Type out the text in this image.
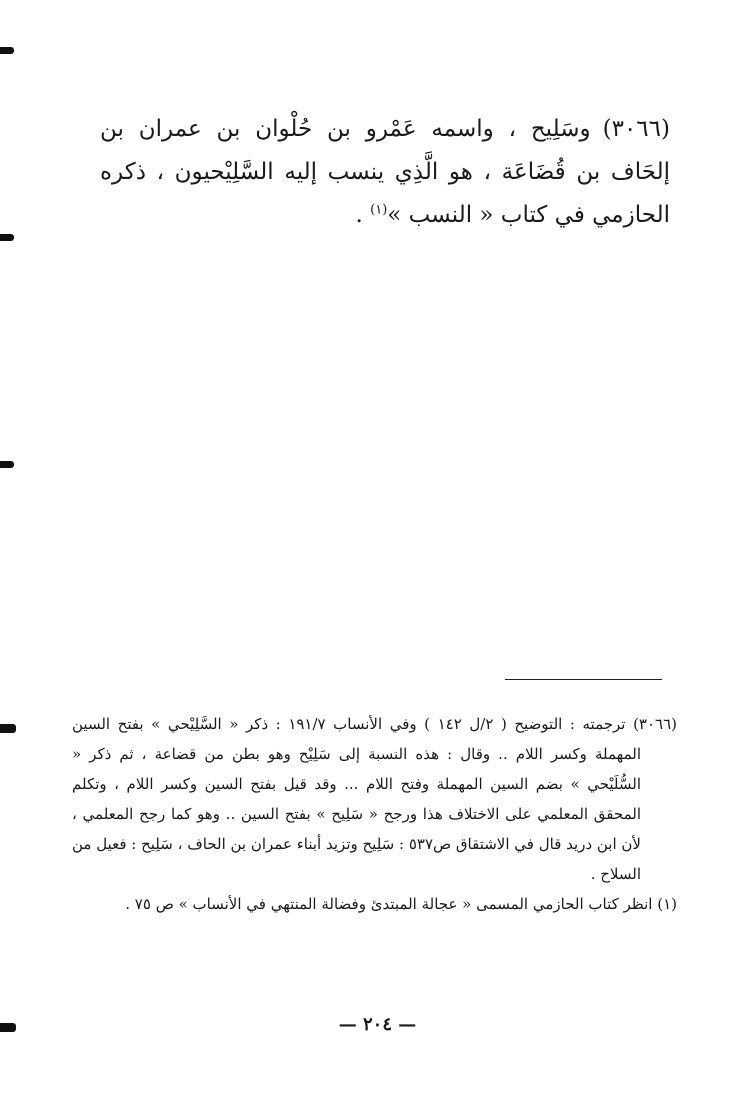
(٣٠٦٦)وسَلِيح ، واسمه عَمْرو بن حُلْوان بن عمران بن إلحَاف بن قُضَاعَة ، هو الَّذِي ينسب إليه السَّلِيْحيون ، ذكره الحازمي في كتاب « النسب »$^{(١)}$ .

(٣٠٦٦) ترجمته : التوضيح ( ٢/ل ١٤٢ ) وفي الأنساب ١٩١/٧ : ذكر « السَّلِيْحي » بفتح السين المهملة وكسر اللام .. وقال : هذه النسبة إلى سَلِيْح وهو بطن من قضاعة ، ثم ذكر « السُّلَيْحي » بضم السين المهملة وفتح اللام ... وقد قيل بفتح السين وكسر اللام ، وتكلم المحقق المعلمي على الاختلاف هذا ورجح « سَلِيح » بفتح السين .. وهو كما رجح المعلمي ، لأن ابن دريد قال في الاشتقاق ص٥٣٧ : سَلِيح وتزيد أبناء عمران بن الحاف ، سَلِيح : فعيل من السلاح .

(١) انظر كتاب الحازمي المسمى « عجالة المبتدئ وفضالة المنتهي في الأنساب » ص ٧٥ .

— ٢٠٤ —
